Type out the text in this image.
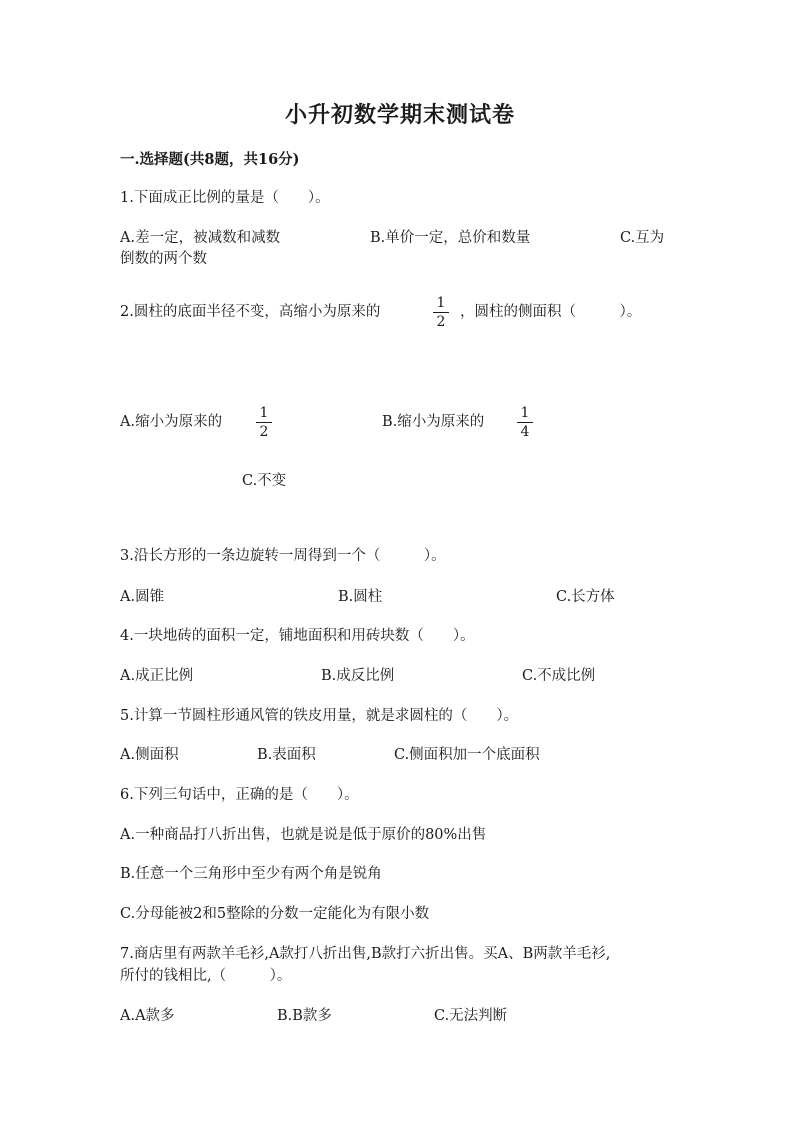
小升初数学期末测试卷
一.选择题(共8题，共16分)
1.下面成正比例的量是（　　）。
A.差一定，被减数和减数	B.单价一定，总价和数量	C.互为
倒数的两个数
2.圆柱的底面半径不变，高缩小为原来的
1
2
，圆柱的侧面积（　　　）。
A.缩小为原来的
1
2
B.缩小为原来的
1
4
C.不变
3.沿长方形的一条边旋转一周得到一个（　　　）。
A.圆锥	B.圆柱	C.长方体
4.一块地砖的面积一定，铺地面积和用砖块数（　　）。
A.成正比例	B.成反比例	C.不成比例
5.计算一节圆柱形通风管的铁皮用量，就是求圆柱的（　　）。
A.侧面积	B.表面积	C.侧面积加一个底面积
6.下列三句话中，正确的是（　　）。
A.一种商品打八折出售，也就是说是低于原价的80%出售
B.任意一个三角形中至少有两个角是锐角
C.分母能被2和5整除的分数一定能化为有限小数
7.商店里有两款羊毛衫,A款打八折出售,B款打六折出售。买A、B两款羊毛衫,
所付的钱相比,（　　　）。
A.A款多	B.B款多	C.无法判断
